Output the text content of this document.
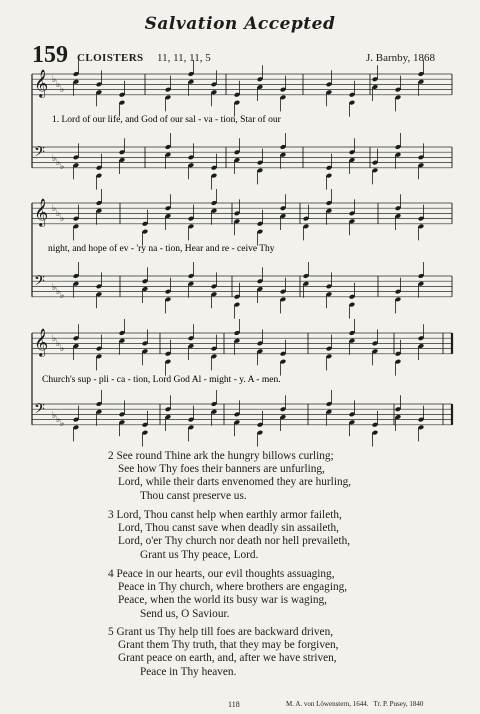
Salvation Accepted
159 CLOISTERS 11, 11, 11, 5	J. Barnby, 1868
𝄞 ♭ ♭ ♭
𝄢 ♭ ♭ ♭
𝄞 ♭ ♭ ♭
𝄢 ♭ ♭ ♭
𝄞 ♭ ♭ ♭
𝄢 ♭ ♭ ♭
1. Lord of our life, and God of our sal - va - tion, Star of our
night, and hope of ev - 'ry na - tion, Hear and re - ceive Thy
Church's sup - pli - ca - tion, Lord God Al - might - y. A - men.
2 See round Thine ark the hungry billows curling;
See how Thy foes their banners are unfurling,
Lord, while their darts envenomed they are hurling,
Thou canst preserve us.
3 Lord, Thou canst help when earthly armor faileth,
Lord, Thou canst save when deadly sin assaileth,
Lord, o'er Thy church nor death nor hell prevaileth,
Grant us Thy peace, Lord.
4 Peace in our hearts, our evil thoughts assuaging,
Peace in Thy church, where brothers are engaging,
Peace, when the world its busy war is waging,
Send us, O Saviour.
5 Grant us Thy help till foes are backward driven,
Grant them Thy truth, that they may be forgiven,
Grant peace on earth, and, after we have striven,
Peace in Thy heaven.
118	M. A. von Löwenstern, 1644.   Tr. P. Pusey, 1840
